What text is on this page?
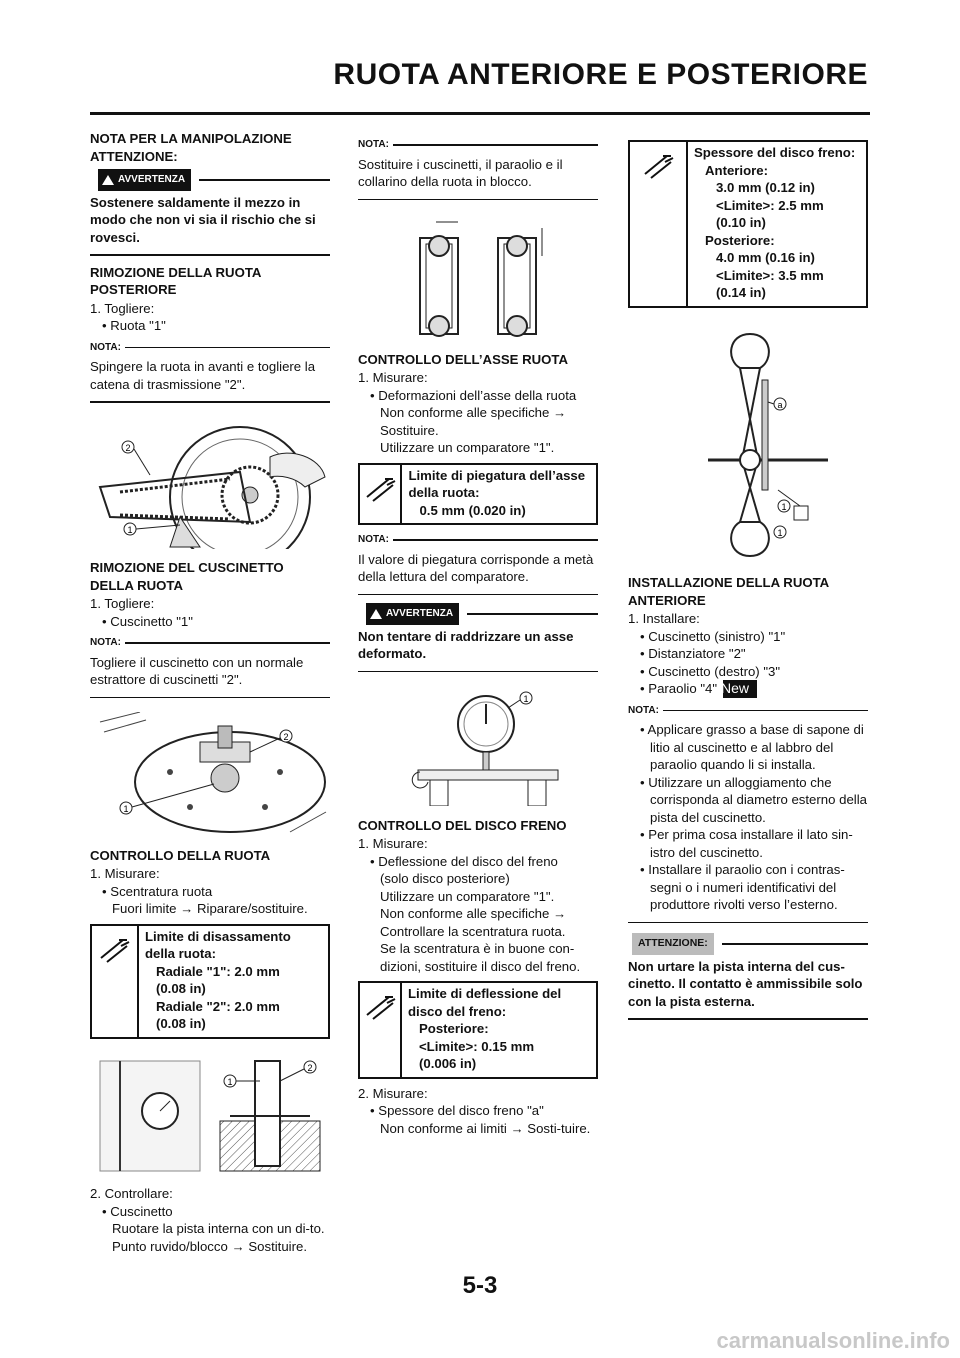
RUOTA ANTERIORE E POSTERIORE

NOTA PER LA MANIPOLAZIONE ATTENZIONE:

AVVERTENZA

Sostenere saldamente il mezzo in modo che non vi sia il rischio che si rovesci.

RIMOZIONE DELLA RUOTA POSTERIORE

1. Togliere:

• Ruota "1"

NOTA:

Spingere la ruota in avanti e togliere la catena di trasmissione "2".

2
1

RIMOZIONE DEL CUSCINETTO DELLA RUOTA

1. Togliere:

• Cuscinetto "1"

NOTA:

Togliere il cuscinetto con un normale estrattore di cuscinetti "2".

2
1

CONTROLLO DELLA RUOTA

1. Misurare:

• Scentratura ruota

Fuori limite → Riparare/sostituire.

Limite di disassamento della ruota:
Radiale "1": 2.0 mm
(0.08 in)
Radiale "2": 2.0 mm
(0.08 in)
1
2

2. Controllare:

• Cuscinetto

Ruotare la pista interna con un di-to.

Punto ruvido/blocco → Sostituire.

NOTA:

Sostituire i cuscinetti, il paraolio e il collarino della ruota in blocco.

CONTROLLO DELL’ASSE RUOTA

1. Misurare:

• Deformazioni dell’asse della ruota

Non conforme alle specifiche →

Sostituire.

Utilizzare un comparatore "1".

Limite di piegatura dell’asse della ruota:
0.5 mm (0.020 in)
NOTA:

Il valore di piegatura corrisponde a metà della lettura del comparatore.

AVVERTENZA

Non tentare di raddrizzare un asse deformato.

1

CONTROLLO DEL DISCO FRENO

1. Misurare:

• Deflessione del disco del freno

(solo disco posteriore)

Utilizzare un comparatore "1".

Non conforme alle specifiche →

Controllare la scentratura ruota.

Se la scentratura è in buone con-dizioni, sostituire il disco del freno.

Limite di deflessione del disco del freno:
Posteriore:
<Limite>: 0.15 mm
(0.006 in)

2. Misurare:

• Spessore del disco freno "a"

Non conforme ai limiti → Sosti-tuire.

Spessore del disco freno:
Anteriore:
3.0 mm (0.12 in)
<Limite>: 2.5 mm
(0.10 in)
Posteriore:
4.0 mm (0.16 in)
<Limite>: 3.5 mm
(0.14 in)
1
1
a

INSTALLAZIONE DELLA RUOTA ANTERIORE

1. Installare:

• Cuscinetto (sinistro) "1"

• Distanziatore "2"

• Cuscinetto (destro) "3"

• Paraolio "4" New

NOTA:

• Applicare grasso a base di sapone di litio al cuscinetto e al labbro del paraolio quando li si installa.

• Utilizzare un alloggiamento che corrisponda al diametro esterno della pista del cuscinetto.

• Per prima cosa installare il lato sin-istro del cuscinetto.

• Installare il paraolio con i contras-segni o i numeri identificativi del produttore rivolti verso l’esterno.

ATTENZIONE:

Non urtare la pista interna del cus-cinetto. Il contatto è ammissibile solo con la pista esterna.

5-3
carmanualsonline.info
